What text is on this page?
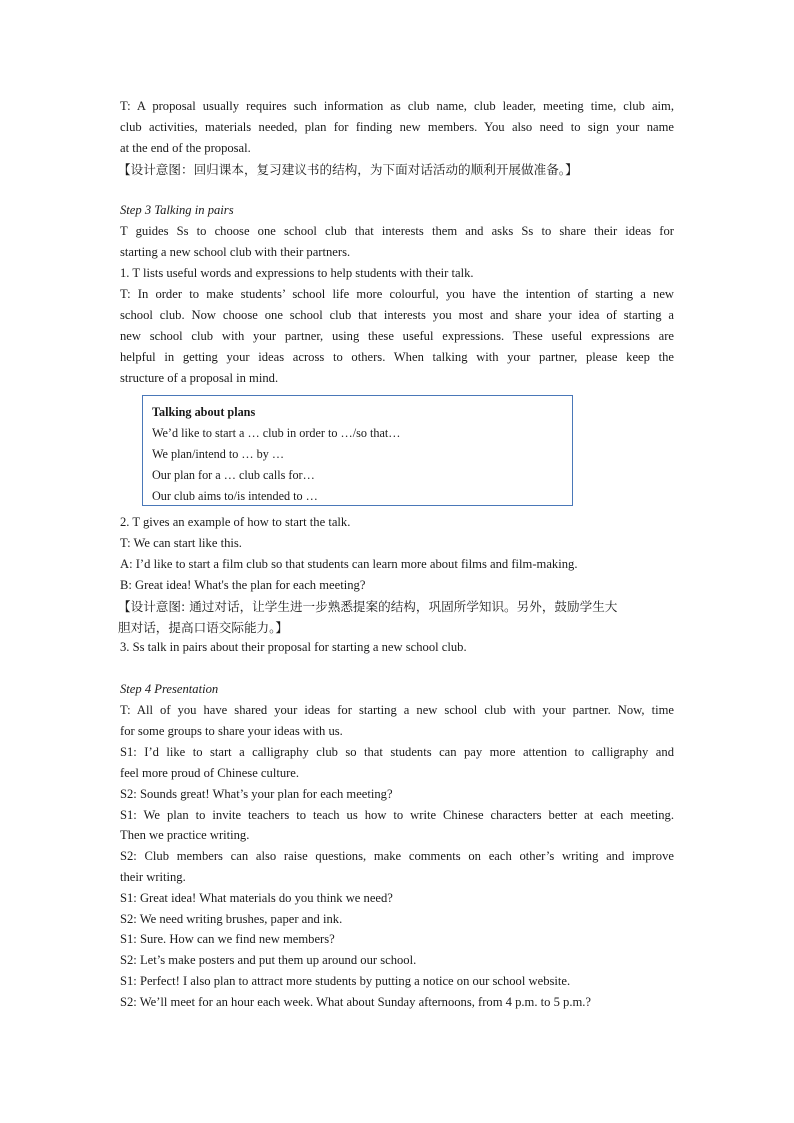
T: A proposal usually requires such information as club name, club leader, meeting time, club aim,
club activities, materials needed, plan for finding new members. You also need to sign your name
at the end of the proposal.
【设计意图：回归课本，复习建议书的结构，为下面对话活动的顺利开展做准备。】
Step 3 Talking in pairs
T guides Ss to choose one school club that interests them and asks Ss to share their ideas for
starting a new school club with their partners.
1. T lists useful words and expressions to help students with their talk.
T: In order to make students’ school life more colourful, you have the intention of starting a new
school club. Now choose one school club that interests you most and share your idea of starting a
new school club with your partner, using these useful expressions. These useful expressions are
helpful in getting your ideas across to others. When talking with your partner, please keep the
structure of a proposal in mind.
Talking about plans
We’d like to start a … club in order to …/so that…
We plan/intend to … by …
Our plan for a … club calls for…
Our club aims to/is intended to …
2. T gives an example of how to start the talk.
T: We can start like this.
A: I’d like to start a film club so that students can learn more about films and film-making.
B: Great idea! What's the plan for each meeting?
【设计意图: 通过对话，让学生进一步熟悉提案的结构，巩固所学知识。另外，鼓励学生大
胆对话，提高口语交际能力。】
3. Ss talk in pairs about their proposal for starting a new school club.
Step 4 Presentation
T: All of you have shared your ideas for starting a new school club with your partner. Now, time
for some groups to share your ideas with us.
S1: I’d like to start a calligraphy club so that students can pay more attention to calligraphy and
feel more proud of Chinese culture.
S2: Sounds great! What’s your plan for each meeting?
S1: We plan to invite teachers to teach us how to write Chinese characters better at each meeting.
Then we practice writing.
S2: Club members can also raise questions, make comments on each other’s writing and improve
their writing.
S1: Great idea! What materials do you think we need?
S2: We need writing brushes, paper and ink.
S1: Sure. How can we find new members?
S2: Let’s make posters and put them up around our school.
S1: Perfect! I also plan to attract more students by putting a notice on our school website.
S2: We’ll meet for an hour each week. What about Sunday afternoons, from 4 p.m. to 5 p.m.?
